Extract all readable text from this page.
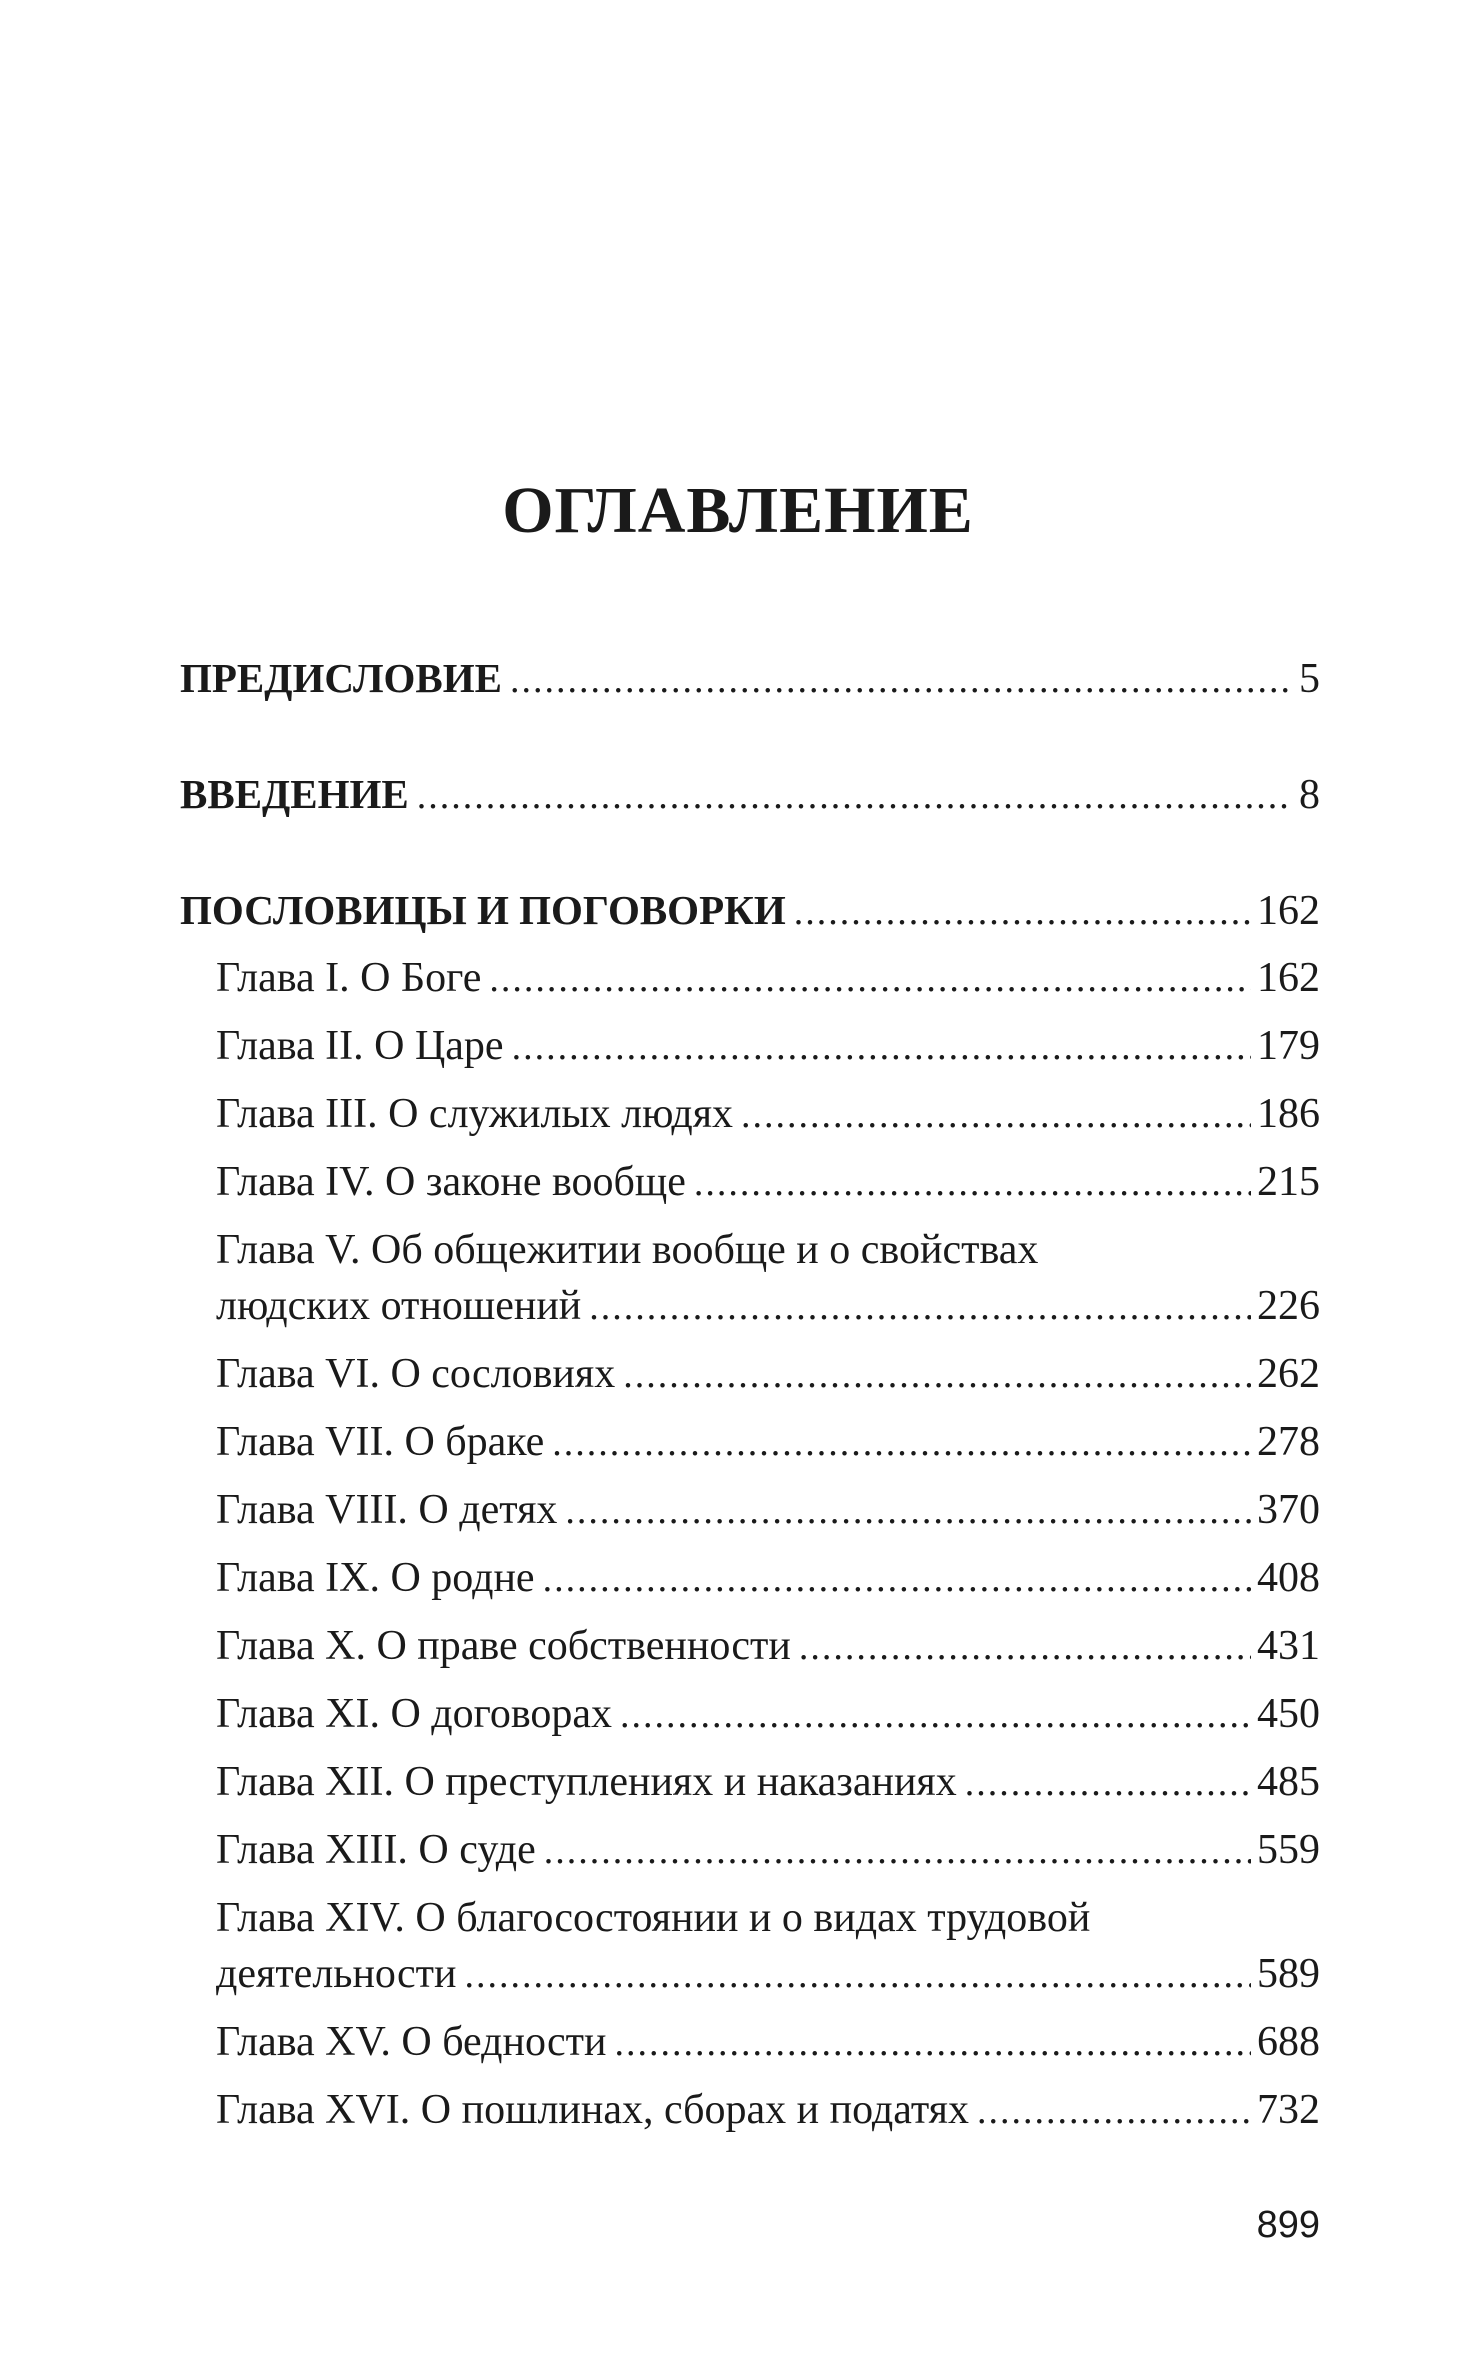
ОГЛАВЛЕНИЕ
ПРЕДИСЛОВИЕ .....	5
ВВЕДЕНИЕ .....	8
ПОСЛОВИЦЫ И ПОГОВОРКИ .....	162
Глава I. О Боге .....	162
Глава II. О Царе .....	179
Глава III. О служилых людях .....	186
Глава IV. О законе вообще .....	215
Глава V. Об общежитии вообще и о свойствах
людских отношений .....	226
Глава VI. О сословиях .....	262
Глава VII. О браке .....	278
Глава VIII. О детях .....	370
Глава IX. О родне .....	408
Глава X. О праве собственности .....	431
Глава XI. О договорах .....	450
Глава XII. О преступлениях и наказаниях .....	485
Глава XIII. О суде .....	559
Глава XIV. О благосостоянии и о видах трудовой
деятельности .....	589
Глава XV. О бедности .....	688
Глава XVI. О пошлинах, сборах и податях .....	732
899
